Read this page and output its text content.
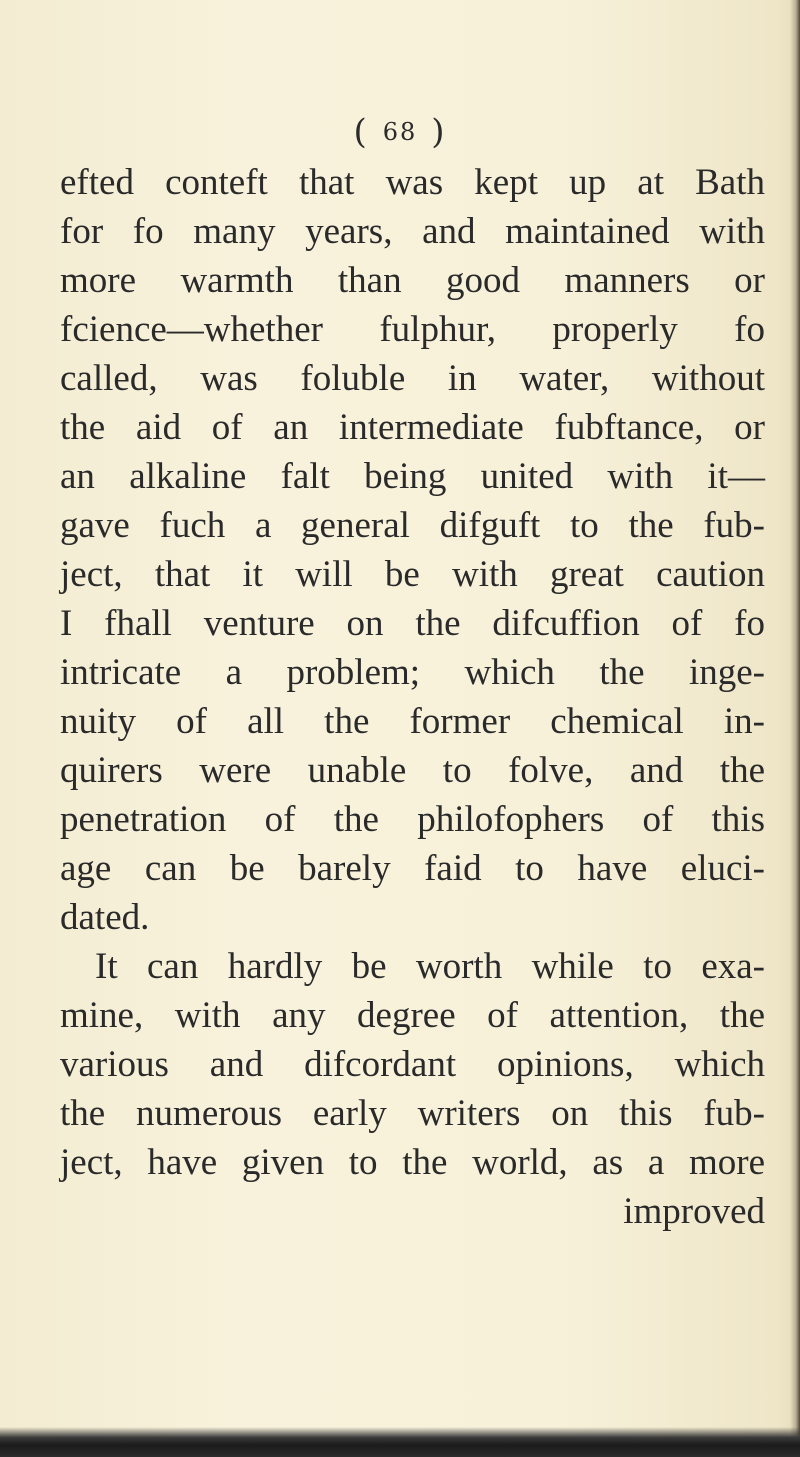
( 68 )
efted conteft that was kept up at Bath
for fo many years, and maintained with
more warmth than good manners or
fcience—whether fulphur, properly fo
called, was foluble in water, without
the aid of an intermediate fubftance, or
an alkaline falt being united with it—
gave fuch a general difguft to the fub-
ject, that it will be with great caution
I fhall venture on the difcuffion of fo
intricate a problem; which the inge-
nuity of all the former chemical in-
quirers were unable to folve, and the
penetration of the philofophers of this
age can be barely faid to have eluci-
dated.
It can hardly be worth while to exa-
mine, with any degree of attention, the
various and difcordant opinions, which
the numerous early writers on this fub-
ject, have given to the world, as a more
improved
